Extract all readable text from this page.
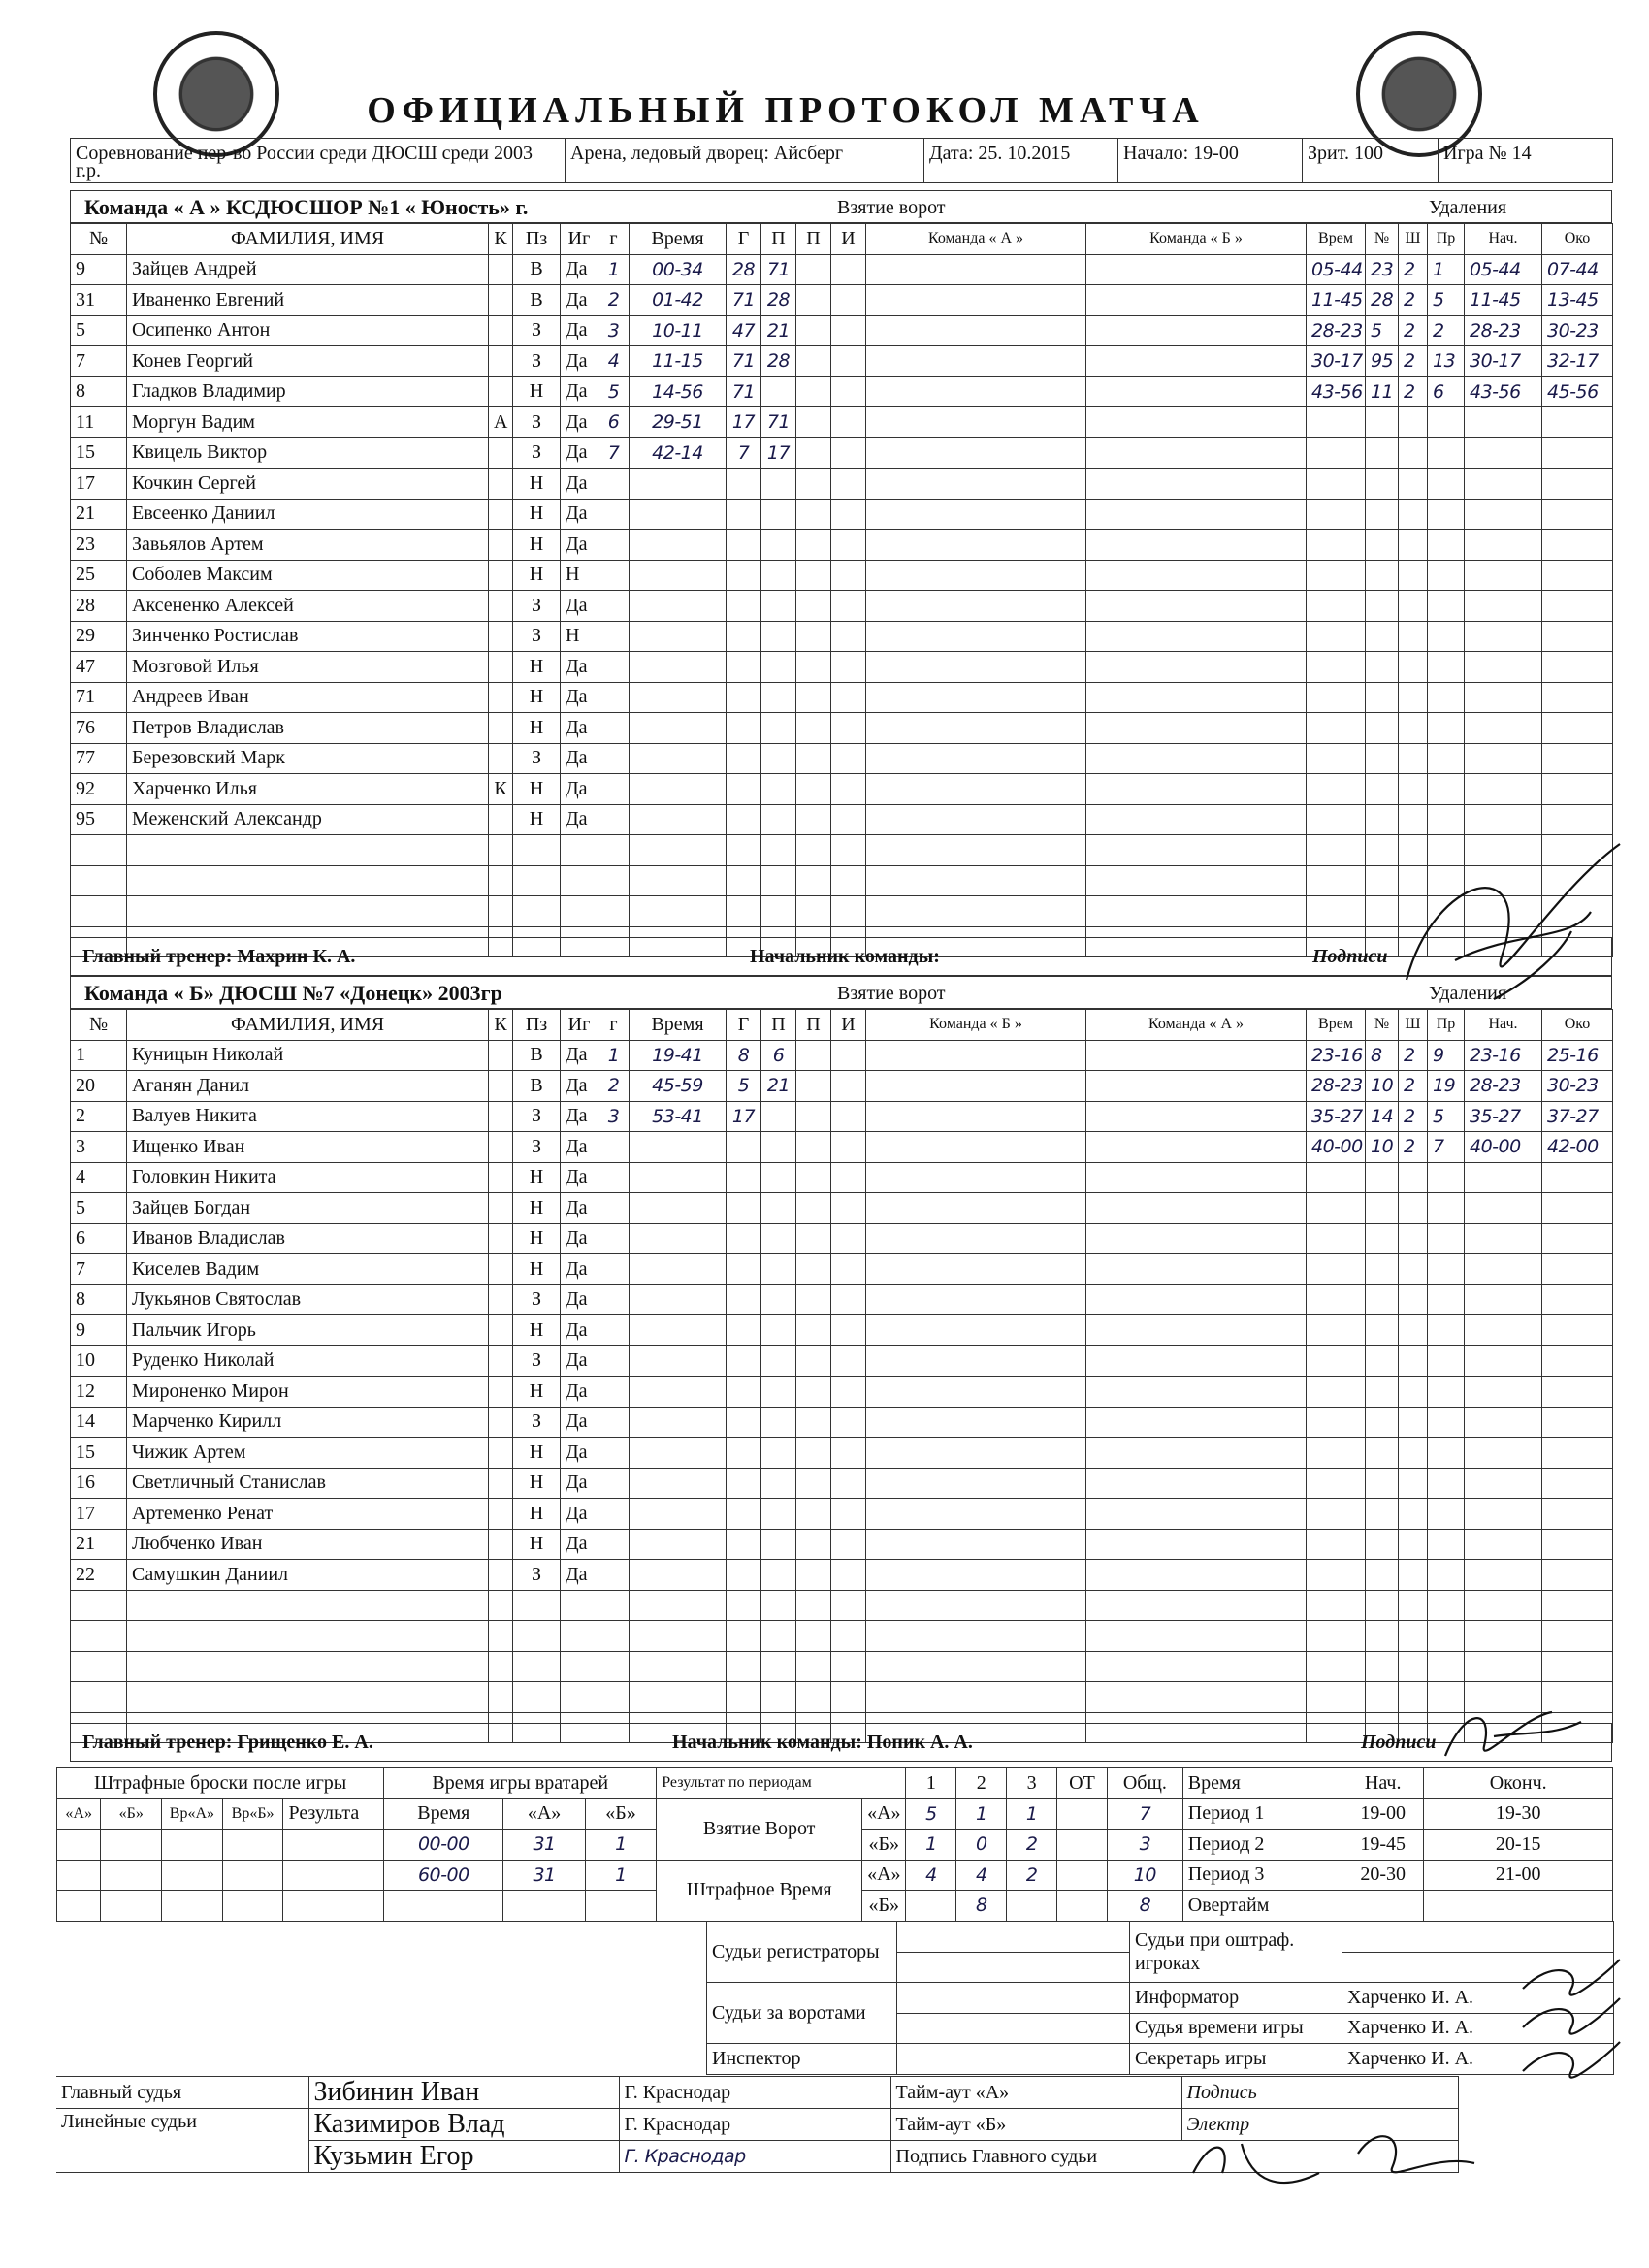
ОФИЦИАЛЬНЫЙ ПРОТОКОЛ МАТЧА
Соревнование пер-во России среди ДЮСШ среди 2003 г.р.	Арена, ледовый дворец: Айсберг	Дата: 25. 10.2015	Начало: 19-00	Зрит. 100	Игра № 14
Команда « А » КСДЮСШОР №1 « Юность» г.	Взятие ворот	Удаления
№	ФАМИЛИЯ, ИМЯ	К	Пз	Иг	г	Время	Г	П	П	И	Команда « А »	Команда « Б »	Врем	№	Ш	Пр	Нач.	Око
9	Зайцев Андрей		В	Да	1	00-34	28	71					05-44	23	2	1	05-44	07-44
31	Иваненко Евгений		В	Да	2	01-42	71	28					11-45	28	2	5	11-45	13-45
5	Осипенко Антон		З	Да	3	10-11	47	21					28-23	5	2	2	28-23	30-23
7	Конев Георгий		З	Да	4	11-15	71	28					30-17	95	2	13	30-17	32-17
8	Гладков Владимир		Н	Да	5	14-56	71						43-56	11	2	6	43-56	45-56
11	Моргун Вадим	А	З	Да	6	29-51	17	71										
15	Квицель Виктор		З	Да	7	42-14	7	17										
17	Кочкин Сергей		Н	Да														
21	Евсеенко Даниил		Н	Да														
23	Завьялов Артем		Н	Да														
25	Соболев Максим		Н	Н														
28	Аксененко Алексей		З	Да														
29	Зинченко Ростислав		З	Н														
47	Мозговой Илья		Н	Да														
71	Андреев Иван		Н	Да														
76	Петров Владислав		Н	Да														
77	Березовский Марк		З	Да														
92	Харченко Илья	К	Н	Да														
95	Меженский Александр		Н	Да														

Главный тренер: Махрин К. А.	Начальник команды:	Подписи
Команда « Б» ДЮСШ №7 «Донецк» 2003гр	Взятие ворот	Удаления
№	ФАМИЛИЯ, ИМЯ	К	Пз	Иг	г	Время	Г	П	П	И	Команда « Б »	Команда « А »	Врем	№	Ш	Пр	Нач.	Око
1	Куницын Николай		В	Да	1	19-41	8	6					23-16	8	2	9	23-16	25-16
20	Аганян Данил		В	Да	2	45-59	5	21					28-23	10	2	19	28-23	30-23
2	Валуев Никита		З	Да	3	53-41	17						35-27	14	2	5	35-27	37-27
3	Ищенко Иван		З	Да									40-00	10	2	7	40-00	42-00
4	Головкин Никита		Н	Да														
5	Зайцев Богдан		Н	Да														
6	Иванов Владислав		Н	Да														
7	Киселев Вадим		Н	Да														
8	Лукьянов Святослав		З	Да														
9	Пальчик Игорь		Н	Да														
10	Руденко Николай		З	Да														
12	Мироненко Мирон		Н	Да														
14	Марченко Кирилл		З	Да														
15	Чижик Артем		Н	Да														
16	Светличный Станислав		Н	Да														
17	Артеменко Ренат		Н	Да														
21	Любченко Иван		Н	Да														
22	Самушкин Даниил		З	Да														

Главный тренер: Грищенко Е. А.	Начальник команды: Попик А. А.	Подписи
Штрафные броски после игры					Время игры вратарей			Результат по периодам		1	2	3	ОТ	Общ.	Время	Нач.	Оконч.
«А»	«Б»	Вр«А»	Вр«Б»	Результа	Время	«А»	«Б»	Взятие Ворот	«А»	5	1	1		7	Период 1	19-00	19-30
					00-00	31	1		«Б»	1	0	2		3	Период 2	19-45	20-15
					60-00	31	1	Штрафное Время	«А»	4	4	2		10	Период 3	20-30	21-00
									«Б»		8			8	Овертайм		
Судьи регистраторы		Судьи при оштраф. игроках	

Судьи за воротами		Информатор	Харченко И. А.
		Судья времени игры	Харченко И. А.
Инспектор		Секретарь игры	Харченко И. А.
Главный судья	Зибинин Иван	Г. Краснодар	Тайм-аут «А»	Подпись
Линейные судьи	Казимиров Влад	Г. Краснодар	Тайм-аут «Б»	Электр
	Кузьмин Егор	Г. Краснодар	Подпись Главного судьи	
